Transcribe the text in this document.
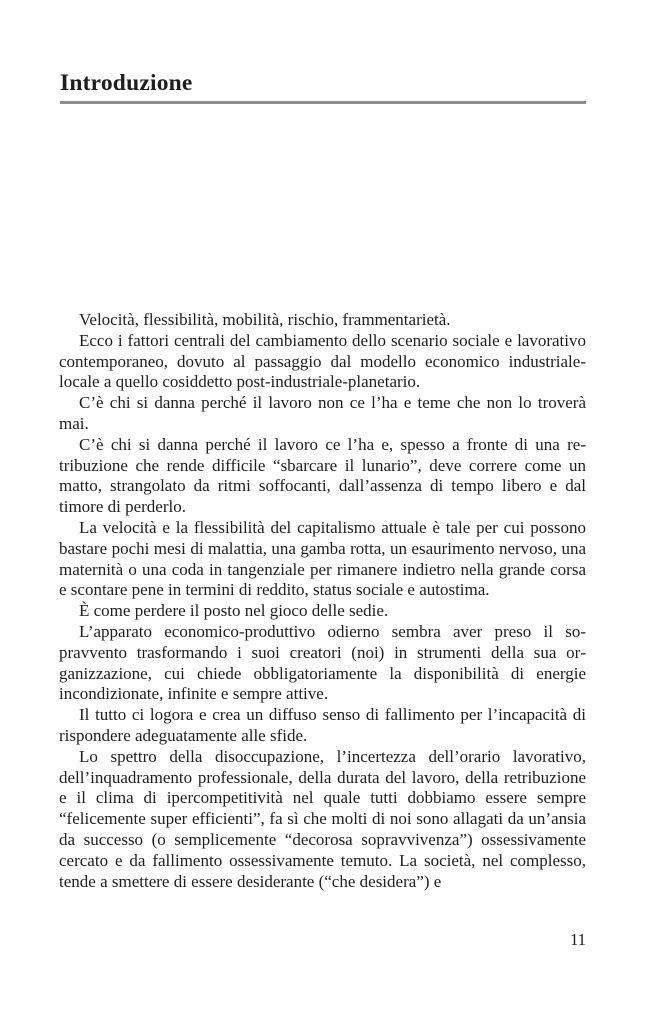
Introduzione

Velocità, flessibilità, mobilità, rischio, frammentarietà.

Ecco i fattori centrali del cambiamento dello scenario sociale e lavorativo contemporaneo, dovuto al passaggio dal modello economico industriale-locale a quello cosiddetto post-industriale-planetario.

C’è chi si danna perché il lavoro non ce l’ha e teme che non lo troverà mai.

C’è chi si danna perché il lavoro ce l’ha e, spesso a fronte di una retribuzione che rende difficile “sbarcare il lunario”, deve correre come un matto, strangolato da ritmi soffocanti, dall’assenza di tempo libero e dal timore di perderlo.

La velocità e la flessibilità del capitalismo attuale è tale per cui possono bastare pochi mesi di malattia, una gamba rotta, un esaurimento nervoso, una maternità o una coda in tangenziale per rimanere indietro nella grande corsa e scontare pene in termini di reddito, status sociale e autostima.

È come perdere il posto nel gioco delle sedie.

L’apparato economico-produttivo odierno sembra aver preso il sopravvento trasformando i suoi creatori (noi) in strumenti della sua organizzazione, cui chiede obbligatoriamente la disponibilità di energie incondizionate, infinite e sempre attive.

Il tutto ci logora e crea un diffuso senso di fallimento per l’incapacità di rispondere adeguatamente alle sfide.

Lo spettro della disoccupazione, l’incertezza dell’orario lavorativo, dell’inquadramento professionale, della durata del lavoro, della retribuzione e il clima di ipercompetitività nel quale tutti dobbiamo essere sempre “felicemente super efficienti”, fa sì che molti di noi sono allagati da un’ansia da successo (o semplicemente “decorosa sopravvivenza”) ossessivamente cercato e da fallimento ossessivamente temuto. La società, nel complesso, tende a smettere di essere desiderante (“che desidera”) e

11
